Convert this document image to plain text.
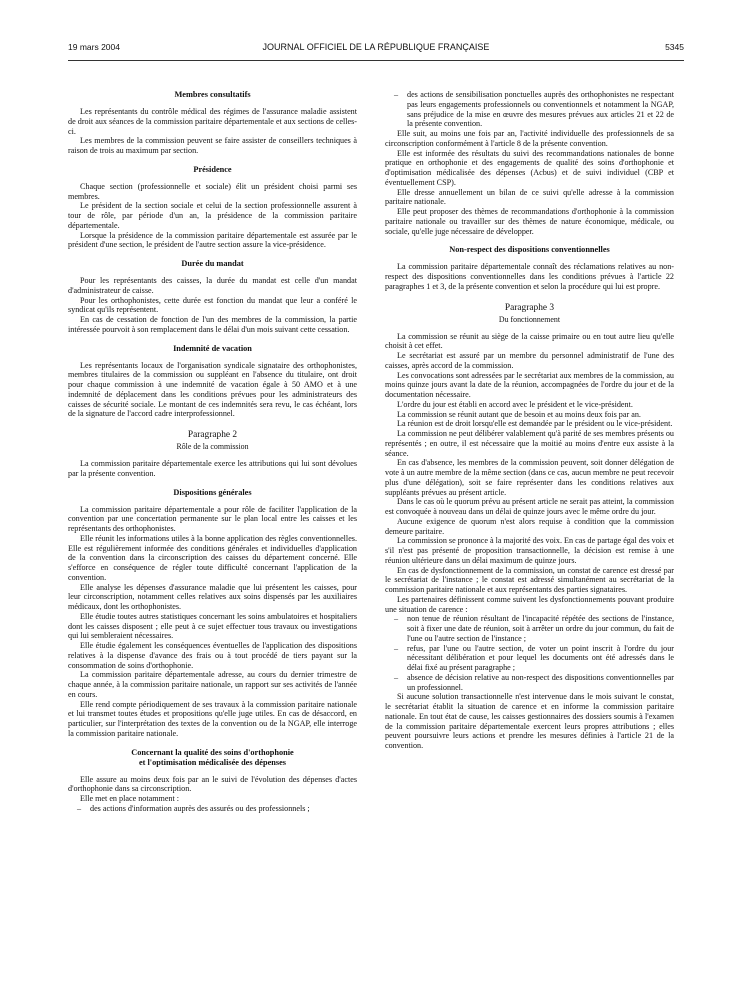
19 mars 2004	JOURNAL OFFICIEL DE LA RÉPUBLIQUE FRANÇAISE	5345
Membres consultatifs

Les représentants du contrôle médical des régimes de l'assurance maladie assistent de droit aux séances de la commission paritaire départementale et aux sections de celles-ci.

Les membres de la commission peuvent se faire assister de conseillers techniques à raison de trois au maximum par section.

Présidence

Chaque section (professionnelle et sociale) élit un président choisi parmi ses membres.

Le président de la section sociale et celui de la section professionnelle assurent à tour de rôle, par période d'un an, la présidence de la commission paritaire départementale.

Lorsque la présidence de la commission paritaire départementale est assurée par le président d'une section, le président de l'autre section assure la vice-présidence.

Durée du mandat

Pour les représentants des caisses, la durée du mandat est celle d'un mandat d'administrateur de caisse.

Pour les orthophonistes, cette durée est fonction du mandat que leur a conféré le syndicat qu'ils représentent.

En cas de cessation de fonction de l'un des membres de la commission, la partie intéressée pourvoit à son remplacement dans le délai d'un mois suivant cette cessation.

Indemnité de vacation

Les représentants locaux de l'organisation syndicale signataire des orthophonistes, membres titulaires de la commission ou suppléant en l'absence du titulaire, ont droit pour chaque commission à une indemnité de vacation égale à 50 AMO et à une indemnité de déplacement dans les conditions prévues pour les administrateurs des caisses de sécurité sociale. Le montant de ces indemnités sera revu, le cas échéant, lors de la signature de l'accord cadre interprofessionnel.

Paragraphe 2
Rôle de la commission

La commission paritaire départementale exerce les attributions qui lui sont dévolues par la présente convention.

Dispositions générales

La commission paritaire départementale a pour rôle de faciliter l'application de la convention par une concertation permanente sur le plan local entre les caisses et les représentants des orthophonistes.

Elle réunit les informations utiles à la bonne application des règles conventionnelles. Elle est régulièrement informée des conditions générales et individuelles d'application de la convention dans la circonscription des caisses du département concerné. Elle s'efforce en conséquence de régler toute difficulté concernant l'application de la convention.

Elle analyse les dépenses d'assurance maladie que lui présentent les caisses, pour leur circonscription, notamment celles relatives aux soins dispensés par les auxiliaires médicaux, dont les orthophonistes.

Elle étudie toutes autres statistiques concernant les soins ambulatoires et hospitaliers dont les caisses disposent ; elle peut à ce sujet effectuer tous travaux ou investigations qui lui sembleraient nécessaires.

Elle étudie également les conséquences éventuelles de l'application des dispositions relatives à la dispense d'avance des frais ou à tout procédé de tiers payant sur la consommation de soins d'orthophonie.

La commission paritaire départementale adresse, au cours du dernier trimestre de chaque année, à la commission paritaire nationale, un rapport sur ses activités de l'année en cours.

Elle rend compte périodiquement de ses travaux à la commission paritaire nationale et lui transmet toutes études et propositions qu'elle juge utiles. En cas de désaccord, en particulier, sur l'interprétation des textes de la convention ou de la NGAP, elle interroge la commission paritaire nationale.

Concernant la qualité des soins d'orthophonie
et l'optimisation médicalisée des dépenses

Elle assure au moins deux fois par an le suivi de l'évolution des dépenses d'actes d'orthophonie dans sa circonscription.

Elle met en place notamment :

– des actions d'information auprès des assurés ou des professionnels ;
– des actions de sensibilisation ponctuelles auprès des orthophonistes ne respectant pas leurs engagements professionnels ou conventionnels et notamment la NGAP, sans préjudice de la mise en œuvre des mesures prévues aux articles 21 et 22 de la présente convention.

Elle suit, au moins une fois par an, l'activité individuelle des professionnels de sa circonscription conformément à l'article 8 de la présente convention.

Elle est informée des résultats du suivi des recommandations nationales de bonne pratique en orthophonie et des engagements de qualité des soins d'orthophonie et d'optimisation médicalisée des dépenses (Acbus) et de suivi individuel (CBP et éventuellement CSP).

Elle dresse annuellement un bilan de ce suivi qu'elle adresse à la commission paritaire nationale.

Elle peut proposer des thèmes de recommandations d'orthophonie à la commission paritaire nationale ou travailler sur des thèmes de nature économique, médicale, ou sociale, qu'elle juge nécessaire de développer.

Non-respect des dispositions conventionnelles

La commission paritaire départementale connaît des réclamations relatives au non-respect des dispositions conventionnelles dans les conditions prévues à l'article 22 paragraphes 1 et 3, de la présente convention et selon la procédure qui lui est propre.

Paragraphe 3
Du fonctionnement

La commission se réunit au siège de la caisse primaire ou en tout autre lieu qu'elle choisit à cet effet.

Le secrétariat est assuré par un membre du personnel administratif de l'une des caisses, après accord de la commission.

Les convocations sont adressées par le secrétariat aux membres de la commission, au moins quinze jours avant la date de la réunion, accompagnées de l'ordre du jour et de la documentation nécessaire.

L'ordre du jour est établi en accord avec le président et le vice-président.

La commission se réunit autant que de besoin et au moins deux fois par an.

La réunion est de droit lorsqu'elle est demandée par le président ou le vice-président.

La commission ne peut délibérer valablement qu'à parité de ses membres présents ou représentés ; en outre, il est nécessaire que la moitié au moins d'entre eux assiste à la séance.

En cas d'absence, les membres de la commission peuvent, soit donner délégation de vote à un autre membre de la même section (dans ce cas, aucun membre ne peut recevoir plus d'une délégation), soit se faire représenter dans les conditions relatives aux suppléants prévues au présent article.

Dans le cas où le quorum prévu au présent article ne serait pas atteint, la commission est convoquée à nouveau dans un délai de quinze jours avec le même ordre du jour.

Aucune exigence de quorum n'est alors requise à condition que la commission demeure paritaire.

La commission se prononce à la majorité des voix. En cas de partage égal des voix et s'il n'est pas présenté de proposition transactionnelle, la décision est remise à une réunion ultérieure dans un délai maximum de quinze jours.

En cas de dysfonctionnement de la commission, un constat de carence est dressé par le secrétariat de l'instance ; le constat est adressé simultanément au secrétariat de la commission paritaire nationale et aux représentants des parties signataires.

Les partenaires définissent comme suivent les dysfonctionnements pouvant produire une situation de carence :

– non tenue de réunion résultant de l'incapacité répétée des sections de l'instance, soit à fixer une date de réunion, soit à arrêter un ordre du jour commun, du fait de l'une ou l'autre section de l'instance ;
– refus, par l'une ou l'autre section, de voter un point inscrit à l'ordre du jour nécessitant délibération et pour lequel les documents ont été adressés dans le délai fixé au présent paragraphe ;
– absence de décision relative au non-respect des dispositions conventionnelles par un professionnel.

Si aucune solution transactionnelle n'est intervenue dans le mois suivant le constat, le secrétariat établit la situation de carence et en informe la commission paritaire nationale. En tout état de cause, les caisses gestionnaires des dossiers soumis à l'examen de la commission paritaire départementale exercent leurs propres attributions ; elles peuvent poursuivre leurs actions et prendre les mesures définies à l'article 21 de la convention.
